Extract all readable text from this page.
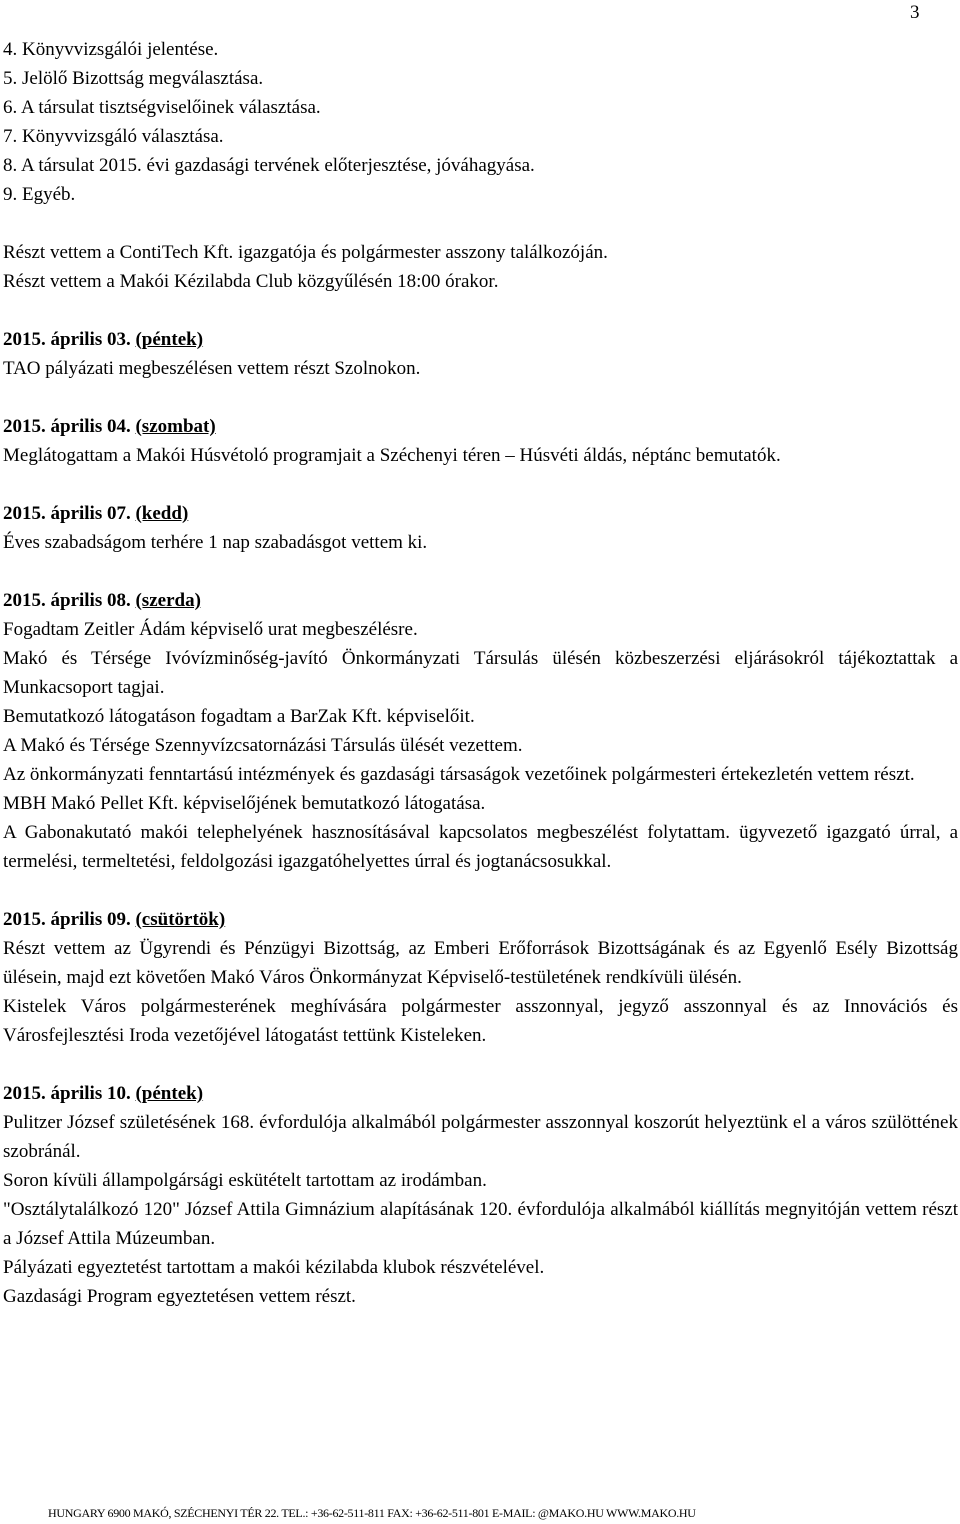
3
4. Könyvvizsgálói jelentése.
5. Jelölő Bizottság megválasztása.
6. A társulat tisztségviselőinek választása.
7. Könyvvizsgáló választása.
8. A társulat 2015. évi gazdasági tervének előterjesztése, jóváhagyása.
9. Egyéb.
Részt vettem a ContiTech Kft. igazgatója és polgármester asszony találkozóján.
Részt vettem a Makói Kézilabda Club közgyűlésén 18:00 órakor.
2015. április 03. (péntek)
TAO pályázati megbeszélésen vettem részt Szolnokon.
2015. április 04. (szombat)
Meglátogattam a Makói Húsvétoló programjait a Széchenyi téren – Húsvéti áldás, néptánc bemutatók.
2015. április 07. (kedd)
Éves szabadságom terhére 1 nap szabadásgot vettem ki.
2015. április 08. (szerda)
Fogadtam Zeitler Ádám képviselő urat megbeszélésre.
Makó és Térsége Ivóvízminőség-javító Önkormányzati Társulás ülésén közbeszerzési eljárásokról tájékoztattak a Munkacsoport tagjai.
Bemutatkozó látogatáson fogadtam a BarZak Kft. képviselőit.
A Makó és Térsége Szennyvízcsatornázási Társulás ülését vezettem.
Az önkormányzati fenntartású intézmények és gazdasági társaságok vezetőinek polgármesteri értekezletén vettem részt.
MBH Makó Pellet Kft. képviselőjének bemutatkozó látogatása.
A Gabonakutató makói telephelyének hasznosításával kapcsolatos megbeszélést folytattam. ügyvezető igazgató úrral, a termelési, termeltetési, feldolgozási igazgatóhelyettes úrral és jogtanácsosukkal.
2015. április 09. (csütörtök)
Részt vettem az Ügyrendi és Pénzügyi Bizottság, az Emberi Erőforrások Bizottságának és az Egyenlő Esély Bizottság ülésein, majd ezt követően Makó Város Önkormányzat Képviselő-testületének rendkívüli ülésén.
Kistelek Város polgármesterének meghívására polgármester asszonnyal, jegyző asszonnyal és az Innovációs és Városfejlesztési Iroda vezetőjével látogatást tettünk Kisteleken.
2015. április 10. (péntek)
Pulitzer József születésének 168. évfordulója alkalmából polgármester asszonnyal koszorút helyeztünk el a város szülöttének szobránál.
Soron kívüli állampolgársági eskütételt tartottam az irodámban.
"Osztálytalálkozó 120" József Attila Gimnázium alapításának 120. évfordulója alkalmából kiállítás megnyitóján vettem részt a József Attila Múzeumban.
Pályázati egyeztetést tartottam a makói kézilabda klubok részvételével.
Gazdasági Program egyeztetésen vettem részt.
HUNGARY 6900 MAKÓ, SZÉCHENYI TÉR 22. TEL.: +36-62-511-811 FAX: +36-62-511-801 E-MAIL: @MAKO.HU WWW.MAKO.HU
